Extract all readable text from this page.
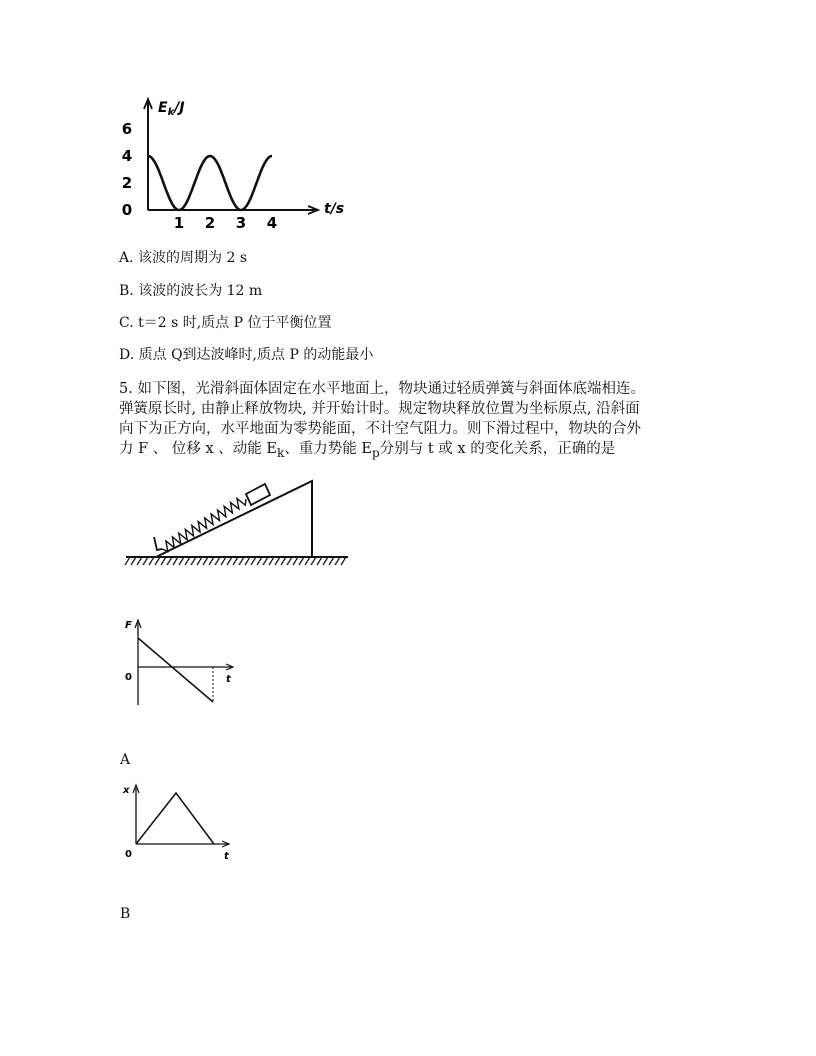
0
2
4
6
1 2 3 4
$E_k/J$
t/s
A. 该波的周期为 2 s
B. 该波的波长为 12 m
C. t＝2 s 时,质点 P 位于平衡位置
D. 质点 Q到达波峰时,质点 P 的动能最小
5. 如下图，光滑斜面体固定在水平地面上，物块通过轻质弹簧与斜面体底端相连。
弹簧原长时, 由静止释放物块, 并开始计时。规定物块释放位置为坐标原点, 沿斜面
向下为正方向，水平地面为零势能面，不计空气阻力。则下滑过程中，物块的合外
力 F 、 位移 x 、动能 $E_k$、重力势能 $E_p$分别与 t 或 x 的变化关系，正确的是
F
0	t
A
x
0	t
B
